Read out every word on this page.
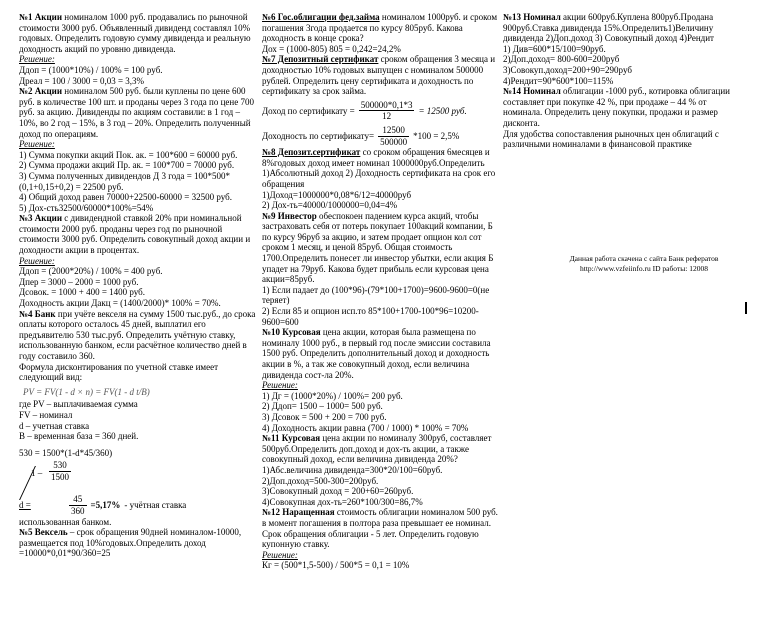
№1 Акции номиналом 1000 руб. продавались по рыночной стоимости 3000 руб. Объявленный дивиденд составлял 10% годовых. Определить годовую сумму дивиденда и реальную доходность акций по уровню дивиденда.

Решение:

Ддоп = (1000*10%) / 100% = 100 руб.

Дреал = 100 / 3000 = 0,03 = 3,3%

№2 Акции номиналом 500 руб. были куплены по цене 600 руб. в количестве 100 шт. и проданы через 3 года по цене 700 руб. за акцию. Дивиденды по акциям составили: в 1 год – 10%, во 2 год – 15%, в 3 год – 20%. Определить полученный доход по операциям.

Решение:

1) Сумма покупки акций Пок. ак. = 100*600 = 60000 руб.

2) Сумма продажи акций Пр. ак. = 100*700 = 70000 руб.

3) Сумма полученных дивидендов Д 3 года = 100*500*(0,1+0,15+0,2) = 22500 руб.

4) Общий доход равен 70000+22500-60000 = 32500 руб.

5) Дох-сть32500/60000*100%=54%

№3 Акции с дивидендной ставкой 20% при номинальной стоимости 2000 руб. проданы через год по рыночной стоимости 3000 руб. Определить совокупный доход акции и доходности акции в процентах.

Решение:

Ддоп = (2000*20%) / 100% = 400 руб.

Дпер = 3000 – 2000 = 1000 руб.

Дсовок. = 1000 + 400 = 1400 руб.

Доходность акции Дакц = (1400/2000)* 100% = 70%.

№4 Банк при учёте векселя на сумму 1500 тыс.руб., до срока оплаты которого осталось 45 дней, выплатил его предъявителю 530 тыс.руб. Определить учётную ставку, использованную банком, если расчётное количество дней в году составило 360.

Формула дисконтирования по учетной ставке имеет следующий вид:

PV = FV(1 - d × n) = FV(1 - d t/B)

где PV – выплачиваемая сумма

FV – номинал

d – учетная ставка

B – временная база = 360 дней.

530 = 1500*(1-d*45/360)

$1 - \frac{530}{1500}$
d =	$\frac{45}{360} =5,17\%$ - учётная ставка

использованная банком.

№5 Вексель – срок обращения 90дней номиналом-10000, размещается под 10%годовых.Определить доход =10000*0,01*90/360=25

№6 Гос.облигации фед.займа номиналом 1000руб. и сроком погашения 3года продается по курсу 805руб. Какова доходность в конце срока?

Дох = (1000-805) 805 = 0,242=24,2%

№7 Депозитный сертификат сроком обращения 3 месяца и доходностью 10% годовых выпущен с номиналом 500000 рублей. Определить цену сертификата и доходность по сертификату за срок займа.

Доход по сертификату = $\frac{500000*0,1*3}{12} = 12500$ руб.
Доходность по сертификату= $\frac{12500}{500000} *100 = 2,5\%$

№8 Депозит.сертификат со сроком обращения 6месяцев и 8%годовых доход имеет номинал 1000000руб.Определить 1)Абсолютный доход 2) Доходность сертификата на срок его обращения

1)Доход=1000000*0,08*6/12=40000руб

2) Дох-ть=40000/1000000=0,04=4%

№9 Инвестор обеспокоен падением курса акций, чтобы застраховать себя от потерь покупает 100акций компании, Б по курсу 96руб за акцию, и затем продает опцион кол сот сроком 1 месяц, и ценой 85руб. Общая стоимость 1700.Определить понесет ли инвестор убытки, если акция Б упадет на 79руб. Какова будет прибыль если курсовая цена акции=85руб.

1) Если падает до (100*96)-(79*100+1700)=9600-9600=0(не теряет)

2) Если 85 и опцион исп.то 85*100+1700-100*96=10200-9600=600

№10 Курсовая цена акции, которая была размещена по номиналу 1000 руб., в первый год после эмиссии составила 1500 руб. Определить дополнительный доход и доходность акции в %, а так же совокупный доход, если величина дивиденда сост-ла 20%.

Решение:

1) Дг = (1000*20%) / 100%= 200 руб.

2) Ддоп= 1500 – 1000= 500 руб.

3) Дсовок = 500 + 200 = 700 руб.

4) Доходность акции равна (700 / 1000) * 100% = 70%

№11 Курсовая цена акции по номиналу 300руб, составляет 500руб.Определить доп.доход и дох-ть акции, а также совокупный доход, если величина дивиденда 20%?

1)Абс.величина дивиденда=300*20/100=60руб.

2)Доп.доход=500-300=200руб.

3)Совокупный доход = 200+60=260руб.

4)Совокупная дох-ть=260*100/300=86,7%

№12 Наращенная стоимость облигации номиналом 500 руб. в момент погашения в полтора раза превышает ее номинал. Срок обращения облигации - 5 лет. Определить годовую купонную ставку.

Решение:

Кг = (500*1,5-500) / 500*5 = 0,1 = 10%

№13 Номинал акции 600руб.Куплена 800руб.Продана 900руб.Ставка дивиденда 15%.Определить1)Величину дивиденда 2)Доп.доход 3) Совокупный доход 4)Рендит

1) Див=600*15/100=90руб.

2)Доп.доход= 800-600=200руб

3)Совокуп.доход=200+90=290руб

4)Рендит=90*600*100=115%

№14 Номинал облигации -1000 руб., котировка облигации составляет при покупке 42 %, при продаже – 44 % от номинала. Определить цену покупки, продажи и размер дисконта.

Для удобства сопоставления рыночных цен облигаций с различными номиналами в финансовой практике

Данная работа скачена с сайта Банк рефератов
http://www.vzfeiinfo.ru ID работы: 12008
